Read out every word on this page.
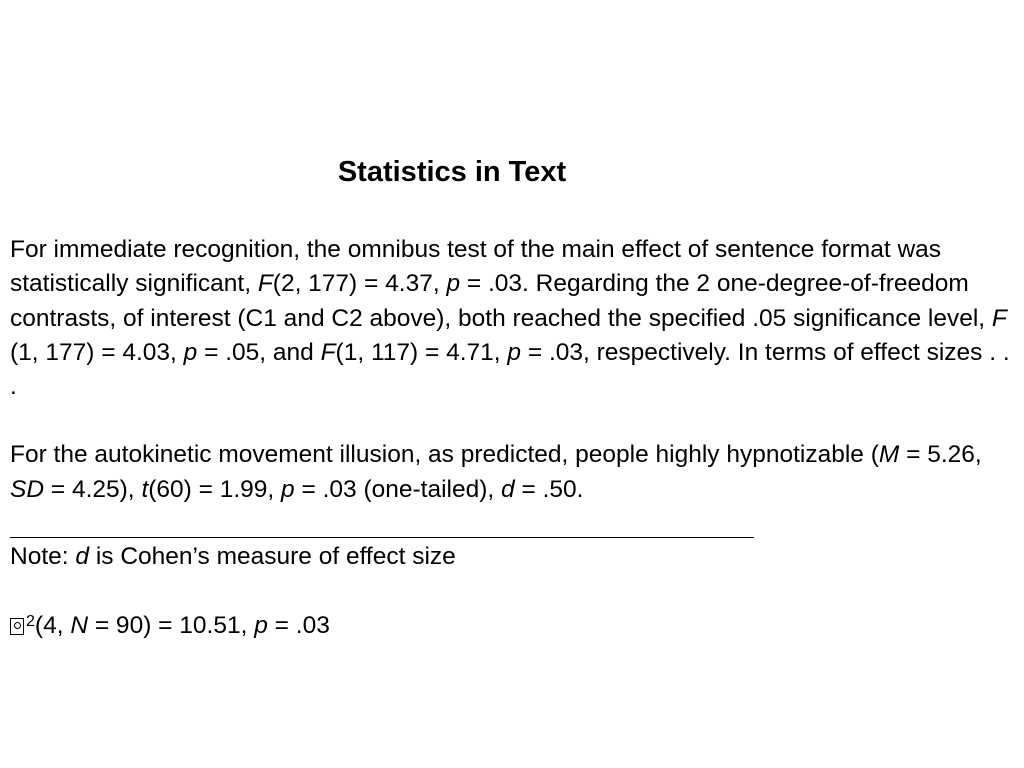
Statistics in Text

For immediate recognition, the omnibus test of the main effect of sentence format was statistically significant, F(2, 177) = 4.37, p = .03. Regarding the 2 one-degree-of-freedom contrasts, of interest (C1 and C2 above), both reached the specified .05 significance level, F (1, 177) = 4.03, p = .05, and F(1, 117) = 4.71, p = .03, respectively. In terms of effect sizes . . .

For the autokinetic movement illusion, as predicted, people highly hypnotizable (M = 5.26, SD = 4.25), t(60) = 1.99, p = .03 (one-tailed), d = .50.

Note: d is Cohen’s measure of effect size
$^2$(4, N = 90) = 10.51, p = .03
